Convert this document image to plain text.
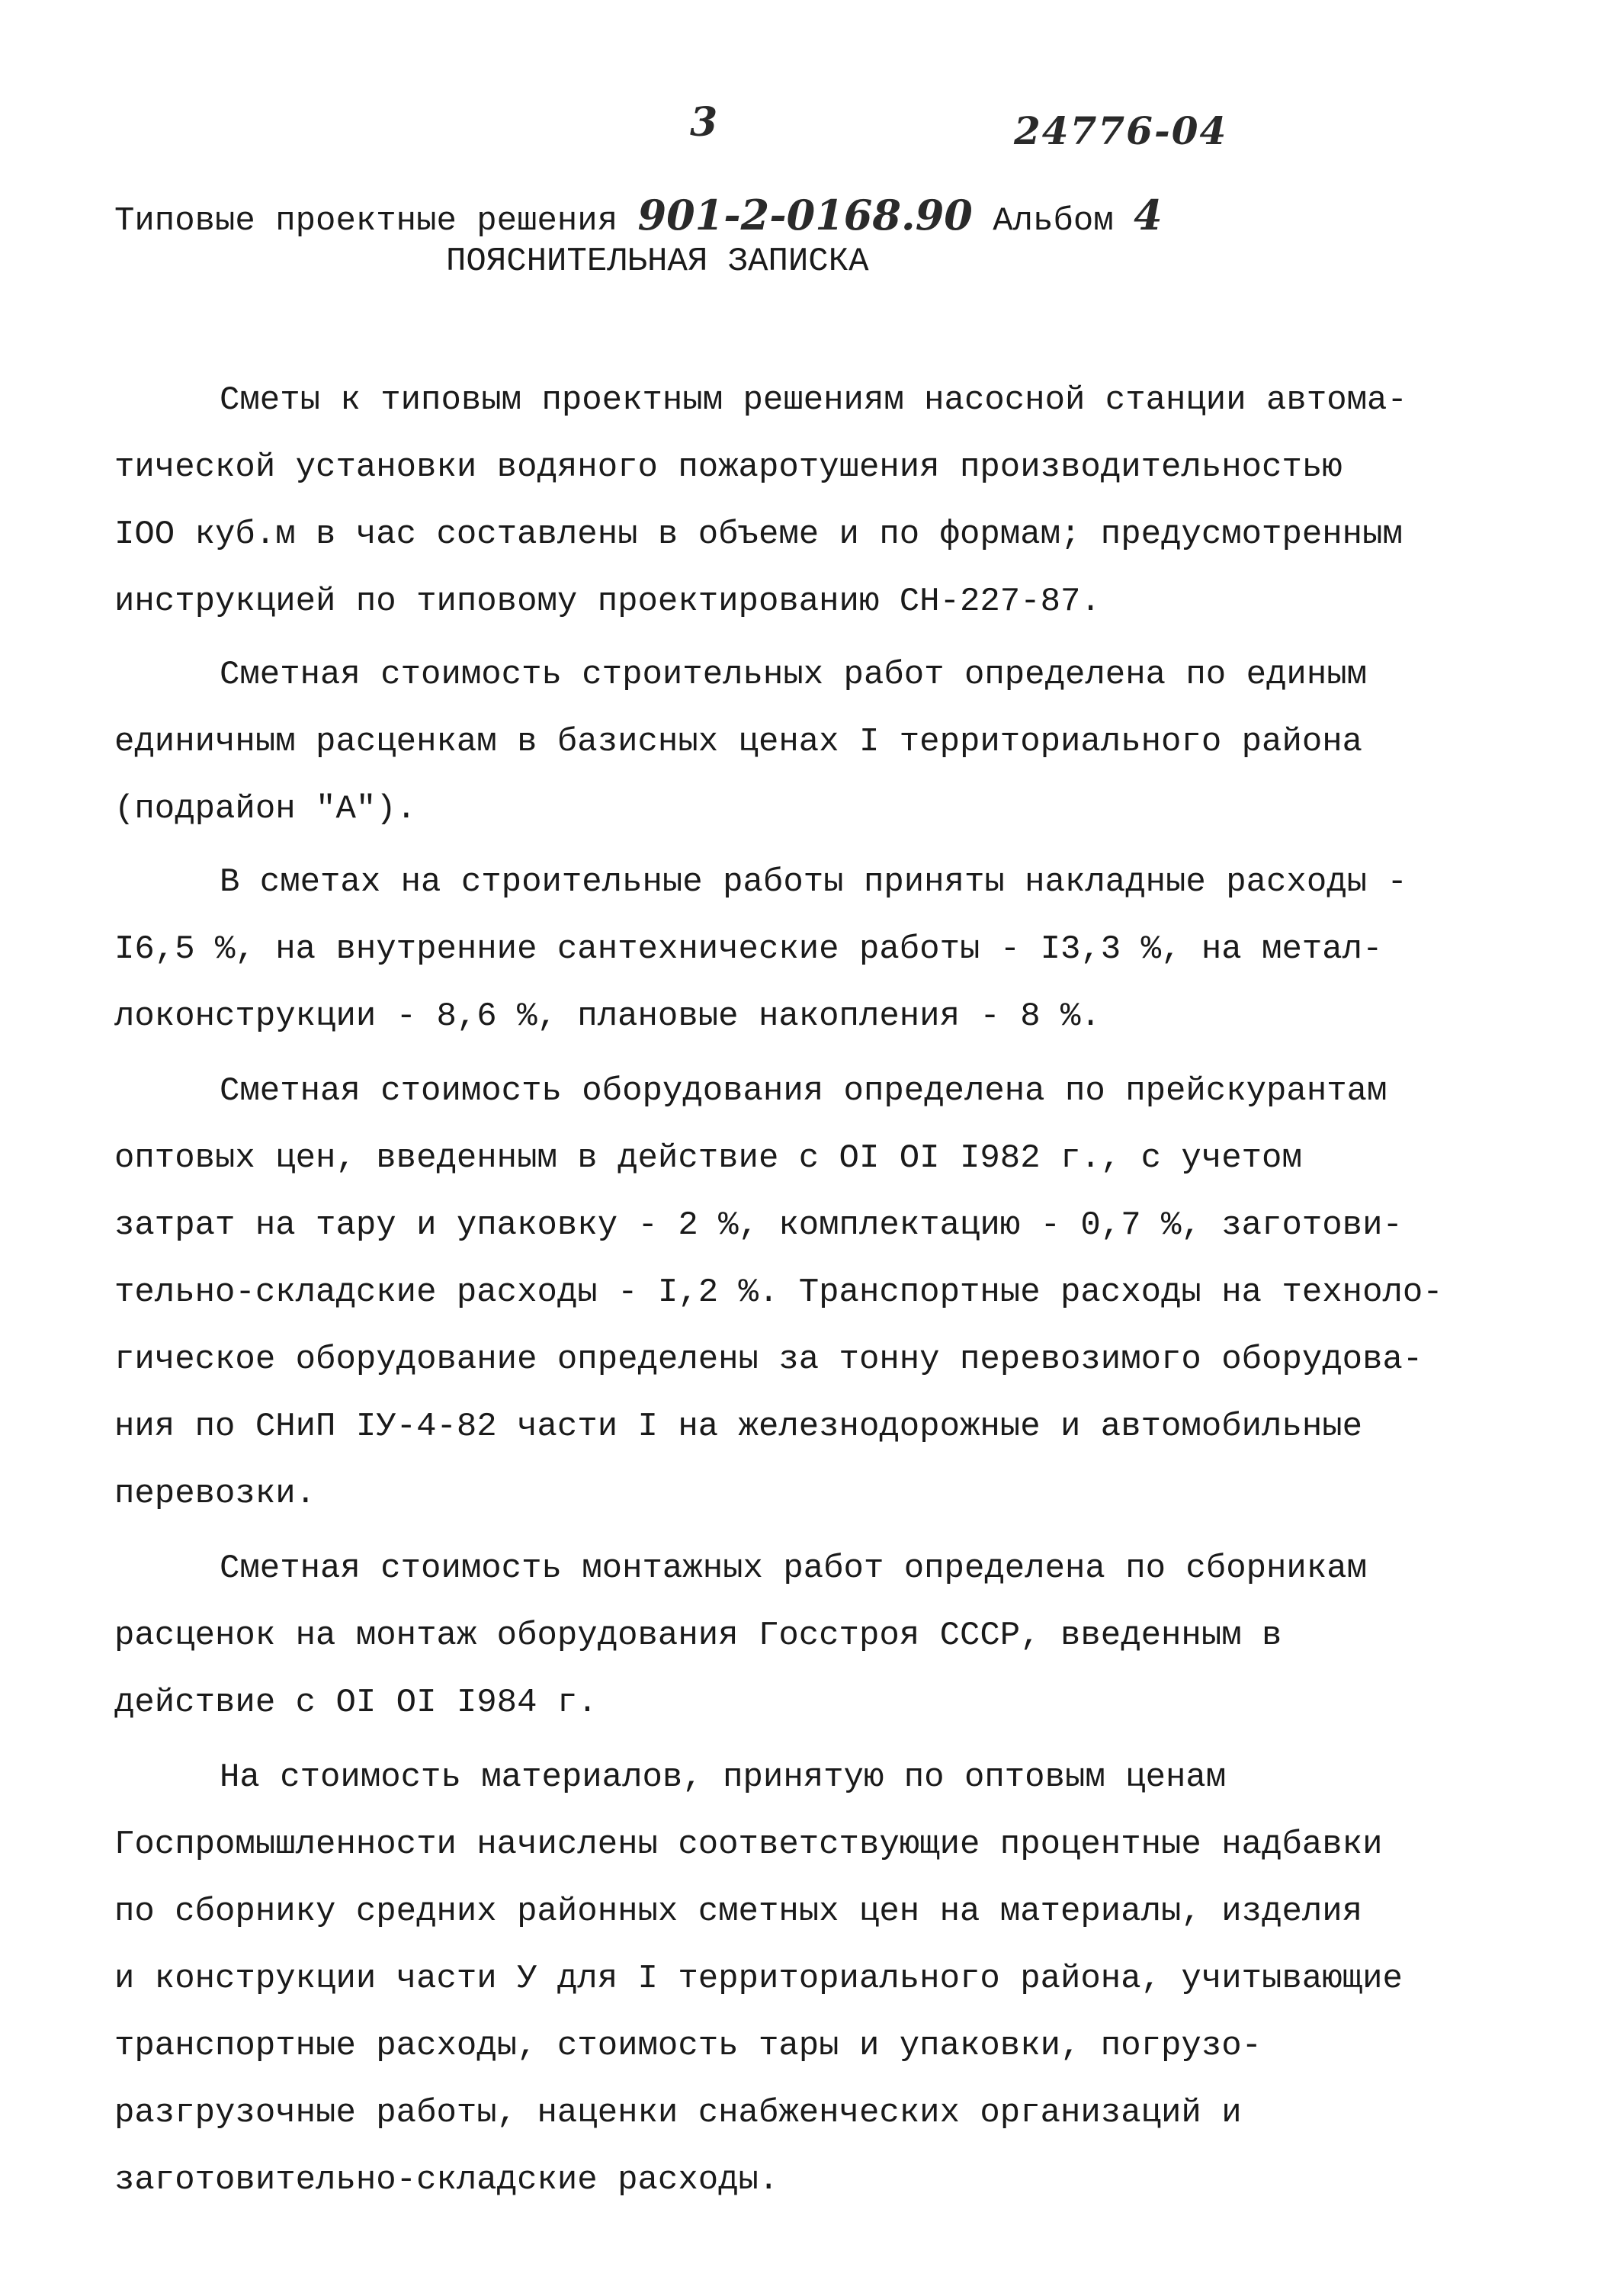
3	24776-04
Типовые проектные решения 901-2-0168.90 Альбом 4
ПОЯСНИТЕЛЬНАЯ ЗАПИСКА
Сметы к типовым проектным решениям насосной станции автома-
тической установки водяного пожаротушения производительностью
IOO куб.м в час составлены в объеме и по формам; предусмотренным
инструкцией по типовому проектированию СН-227-87.
Сметная стоимость строительных работ определена по единым
единичным расценкам в базисных ценах I территориального района
(подрайон "А").
В сметах на строительные работы приняты накладные расходы -
I6,5 %, на внутренние сантехнические работы - I3,3 %, на метал-
локонструкции - 8,6 %, плановые накопления - 8 %.
Сметная стоимость оборудования определена по прейскурантам
оптовых цен, введенным в действие с OI OI I982 г., с учетом
затрат на тару и упаковку - 2 %, комплектацию - 0,7 %, заготови-
тельно-складские расходы - I,2 %. Транспортные расходы на техноло-
гическое оборудование определены за тонну перевозимого оборудова-
ния по СНиП IУ-4-82 части I на железнодорожные и автомобильные
перевозки.
Сметная стоимость монтажных работ определена по сборникам
расценок на монтаж оборудования Госстроя СССР, введенным в
действие с OI OI I984 г.
На стоимость материалов, принятую по оптовым ценам
Госпромышленности начислены соответствующие процентные надбавки
по сборнику средних районных сметных цен на материалы, изделия
и конструкции части У для I территориального района, учитывающие
транспортные расходы, стоимость тары и упаковки, погрузо-
разгрузочные работы, наценки снабженческих организаций и
заготовительно-складские расходы.
